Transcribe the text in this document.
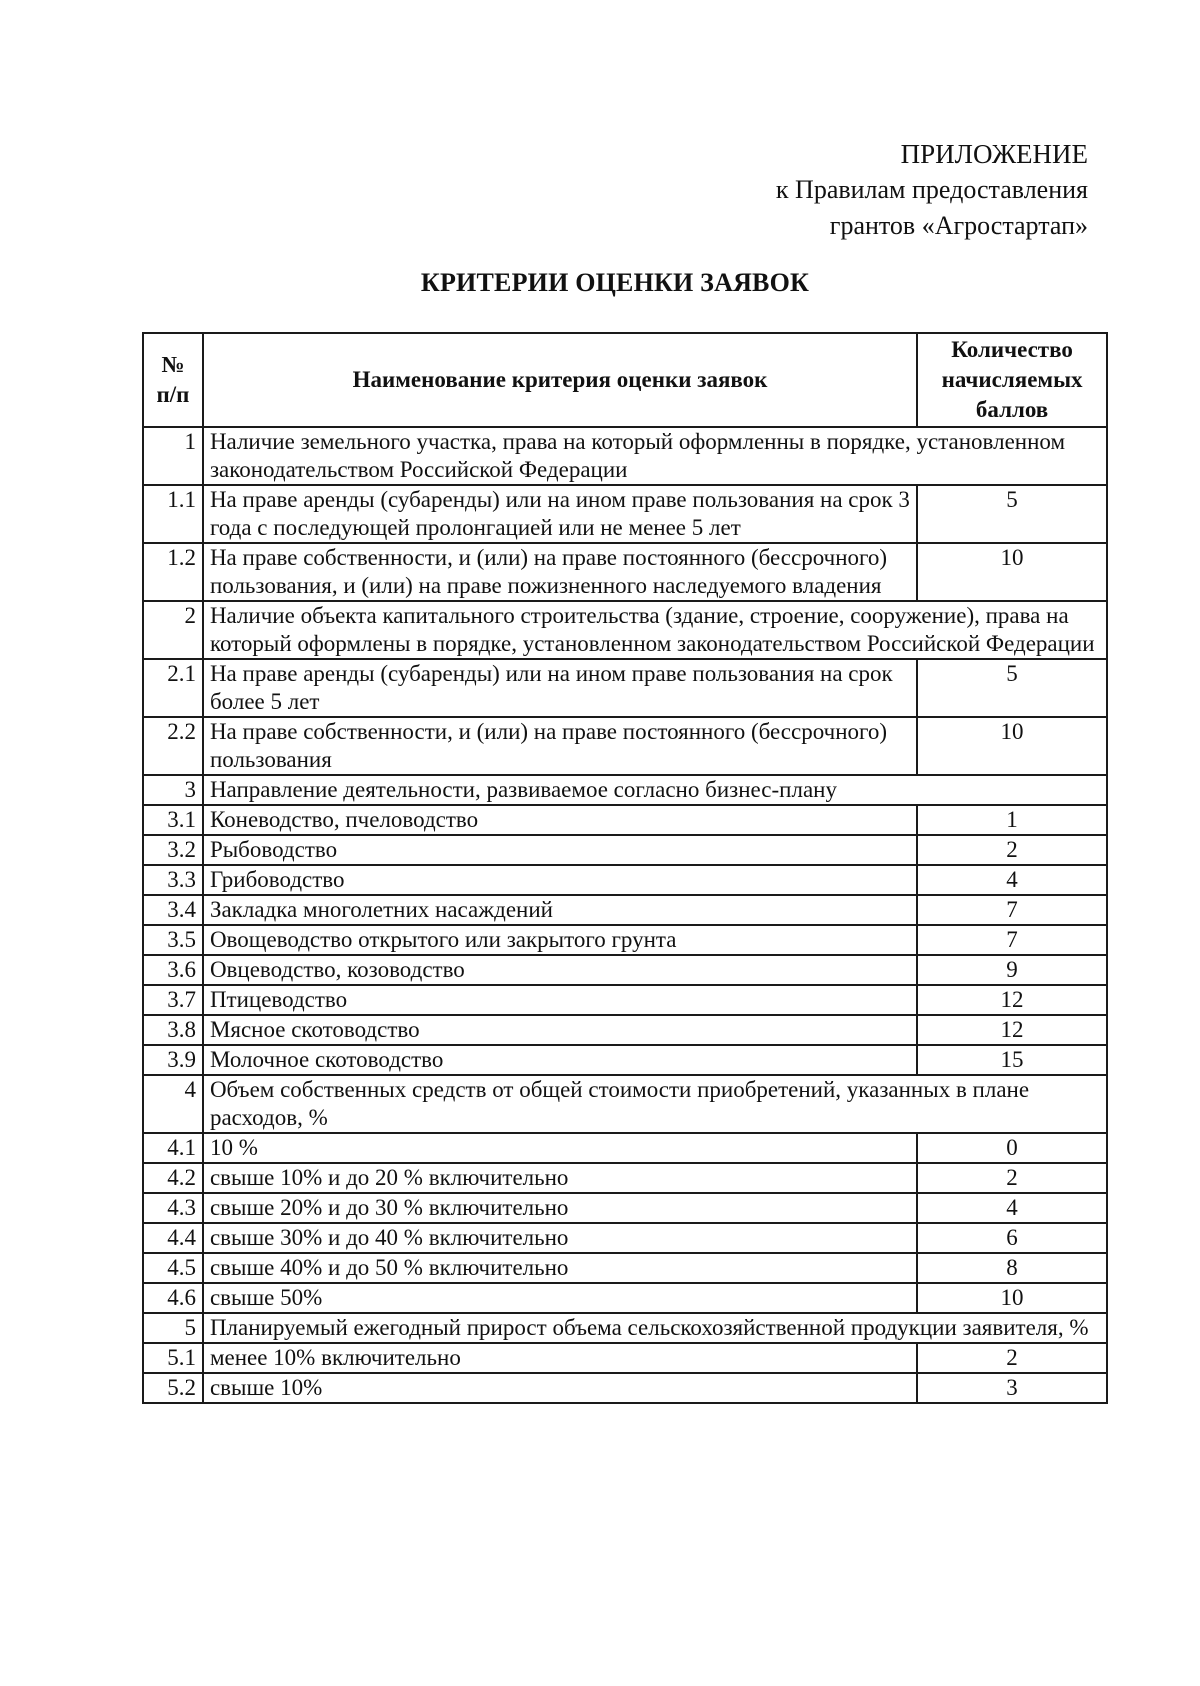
ПРИЛОЖЕНИЕ
к Правилам предоставления
грантов «Агростартап»
КРИТЕРИИ ОЦЕНКИ ЗАЯВОК
№
п/п	Наименование критерия оценки заявок	Количество начисляемых баллов
1	Наличие земельного участка, права на который оформленны в порядке, установленном законодательством Российской Федерации	
1.1	На праве аренды (субаренды) или на ином праве пользования на срок 3 года с последующей пролонгацией или не менее 5 лет	5
1.2	На праве собственности, и (или) на праве постоянного (бессрочного) пользования, и (или) на праве пожизненного наследуемого владения	10
2	Наличие объекта капитального строительства (здание, строение, сооружение), права на который оформлены в порядке, установленном законодательством Российской Федерации	
2.1	На праве аренды (субаренды) или на ином праве пользования на срок более 5 лет	5
2.2	На праве собственности, и (или) на праве постоянного (бессрочного) пользования	10
3	Направление деятельности, развиваемое согласно бизнес-плану	
3.1	Коневодство, пчеловодство	1
3.2	Рыбоводство	2
3.3	Грибоводство	4
3.4	Закладка многолетних насаждений	7
3.5	Овощеводство открытого или закрытого грунта	7
3.6	Овцеводство, козоводство	9
3.7	Птицеводство	12
3.8	Мясное скотоводство	12
3.9	Молочное скотоводство	15
4	Объем собственных средств от общей стоимости приобретений, указанных в плане расходов, %	
4.1	10 %	0
4.2	свыше 10% и до 20 % включительно	2
4.3	свыше 20% и до 30 % включительно	4
4.4	свыше 30% и до 40 % включительно	6
4.5	свыше 40% и до 50 % включительно	8
4.6	свыше 50%	10
5	Планируемый ежегодный прирост объема сельскохозяйственной продукции заявителя, %	
5.1	менее 10% включительно	2
5.2	свыше 10%	3
